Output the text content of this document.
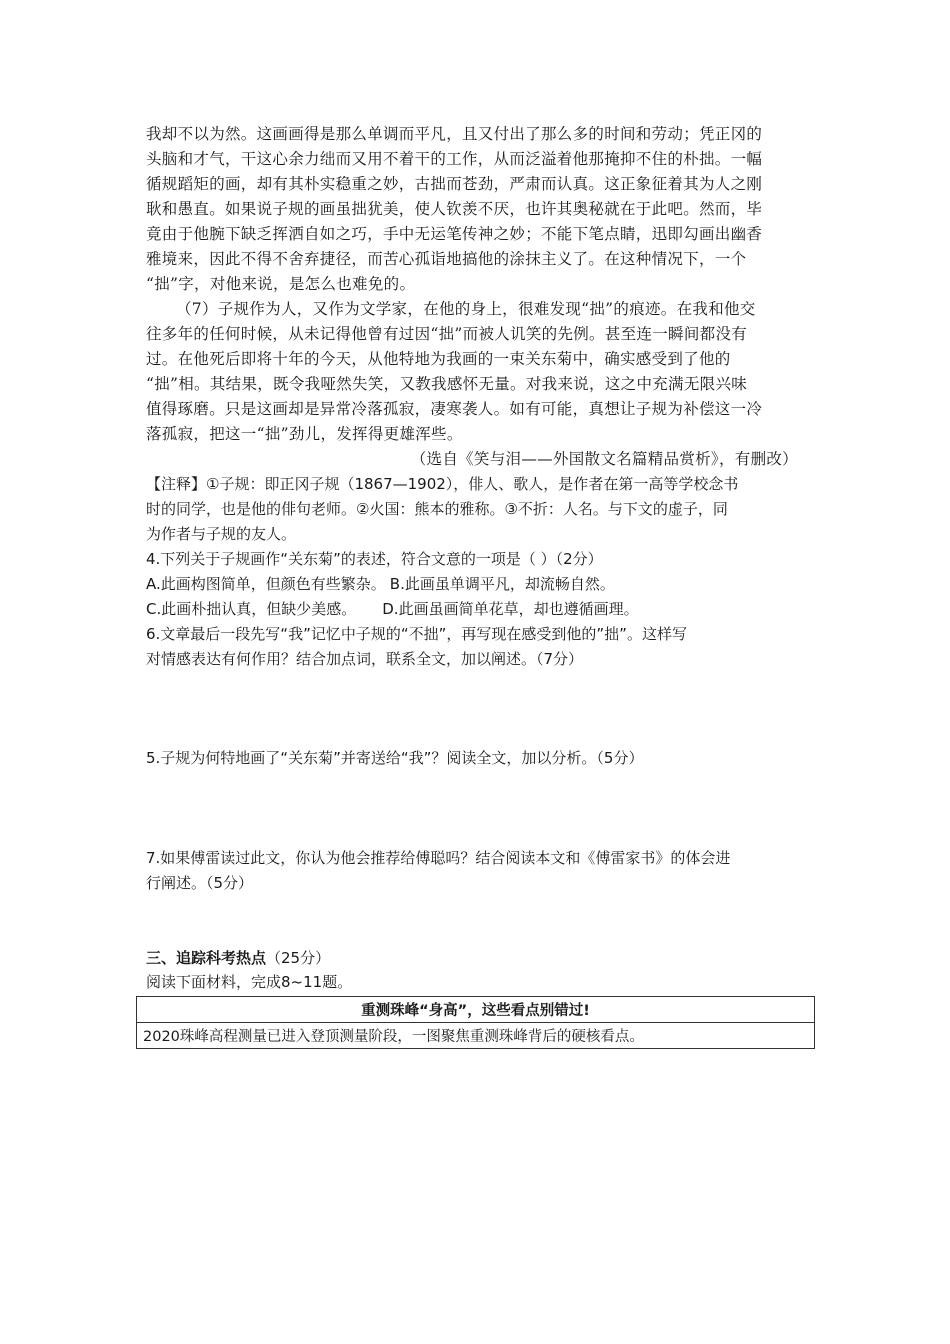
我却不以为然。这画画得是那么单调而平凡，且又付出了那么多的时间和劳动；凭正冈的
头脑和才气，干这心余力绌而又用不着干的工作，从而泛溢着他那掩抑不住的朴拙。一幅
循规蹈矩的画，却有其朴实稳重之妙，古拙而苍劲，严肃而认真。这正象征着其为人之刚
耿和愚直。如果说子规的画虽拙犹美，使人钦羡不厌，也许其奥秘就在于此吧。然而，毕
竟由于他腕下缺乏挥洒自如之巧，手中无运笔传神之妙；不能下笔点睛，迅即勾画出幽香
雅境来，因此不得不舍弃捷径，而苦心孤诣地搞他的涂抹主义了。在这种情况下，一个
“拙”字，对他来说，是怎么也难免的。
（7）子规作为人，又作为文学家，在他的身上，很难发现“拙”的痕迹。在我和他交
往多年的任何时候，从未记得他曾有过因“拙”而被人讥笑的先例。甚至连一瞬间都没有
过。在他死后即将十年的今天，从他特地为我画的一束关东菊中，确实感受到了他的
“拙”相。其结果，既令我哑然失笑，又教我感怀无量。对我来说，这之中充满无限兴味
值得琢磨。只是这画却是异常冷落孤寂，凄寒袭人。如有可能，真想让子规为补偿这一冷
落孤寂，把这一“拙”劲儿，发挥得更雄浑些。
（选自《笑与泪——外国散文名篇精品赏析》，有删改）
【注释】①子规：即正冈子规（1867—1902），俳人、歌人，是作者在第一高等学校念书
时的同学，也是他的俳句老师。②火国：熊本的雅称。③不折：人名。与下文的虚子，同
为作者与子规的友人。
4.下列关于子规画作“关东菊”的表述，符合文意的一项是（ ）（2分）
A.此画构图简单，但颜色有些繁杂。 B.此画虽单调平凡，却流畅自然。
C.此画朴拙认真，但缺少美感。 D.此画虽画简单花草，却也遵循画理。
6.文章最后一段先写“我”记忆中子规的“不拙”，再写现在感受到他的”拙”。这样写
对情感表达有何作用？结合加点词，联系全文，加以阐述。（7分）
5.子规为何特地画了“关东菊”并寄送给“我”？阅读全文，加以分析。（5分）
7.如果傅雷读过此文，你认为他会推荐给傅聪吗？结合阅读本文和《傅雷家书》的体会进
行阐述。（5分）
三、追踪科考热点（25分）
阅读下面材料，完成8~11题。
重测珠峰“身高”，这些看点别错过!
2020珠峰高程测量已进入登顶测量阶段，一图聚焦重测珠峰背后的硬核看点。
